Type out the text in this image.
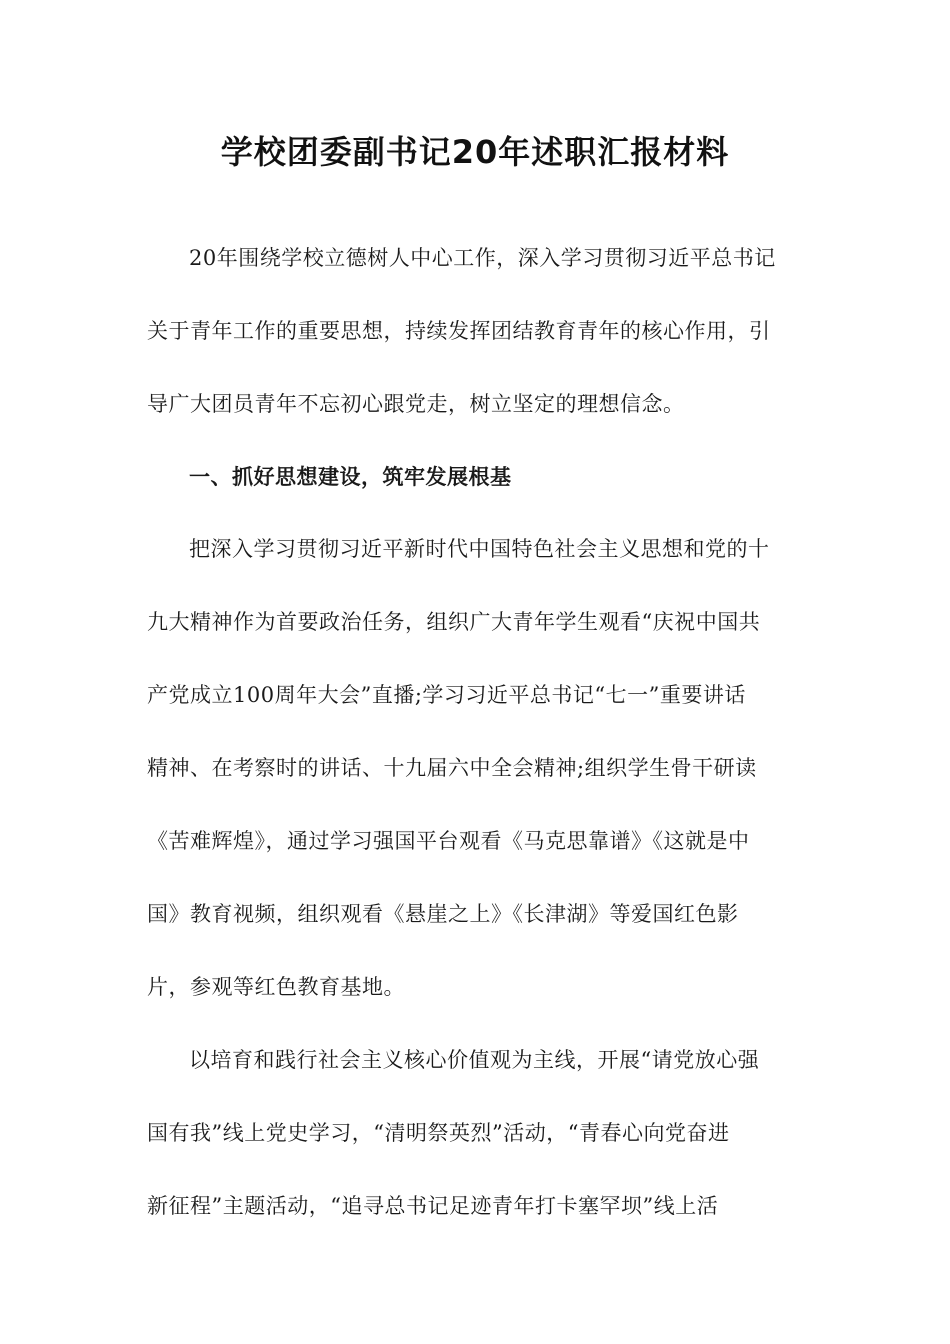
学校团委副书记20年述职汇报材料
20年围绕学校立德树人中心工作，深入学习贯彻习近平总书记
关于青年工作的重要思想，持续发挥团结教育青年的核心作用，引
导广大团员青年不忘初心跟党走，树立坚定的理想信念。
一、抓好思想建设，筑牢发展根基
把深入学习贯彻习近平新时代中国特色社会主义思想和党的十
九大精神作为首要政治任务，组织广大青年学生观看“庆祝中国共
产党成立100周年大会”直播;学习习近平总书记“七一”重要讲话
精神、在考察时的讲话、十九届六中全会精神;组织学生骨干研读
《苦难辉煌》，通过学习强国平台观看《马克思靠谱》《这就是中
国》教育视频，组织观看《悬崖之上》《长津湖》等爱国红色影
片，参观等红色教育基地。
以培育和践行社会主义核心价值观为主线，开展“请党放心强
国有我”线上党史学习，“清明祭英烈”活动，“青春心向党奋进
新征程”主题活动，“追寻总书记足迹青年打卡塞罕坝”线上活
